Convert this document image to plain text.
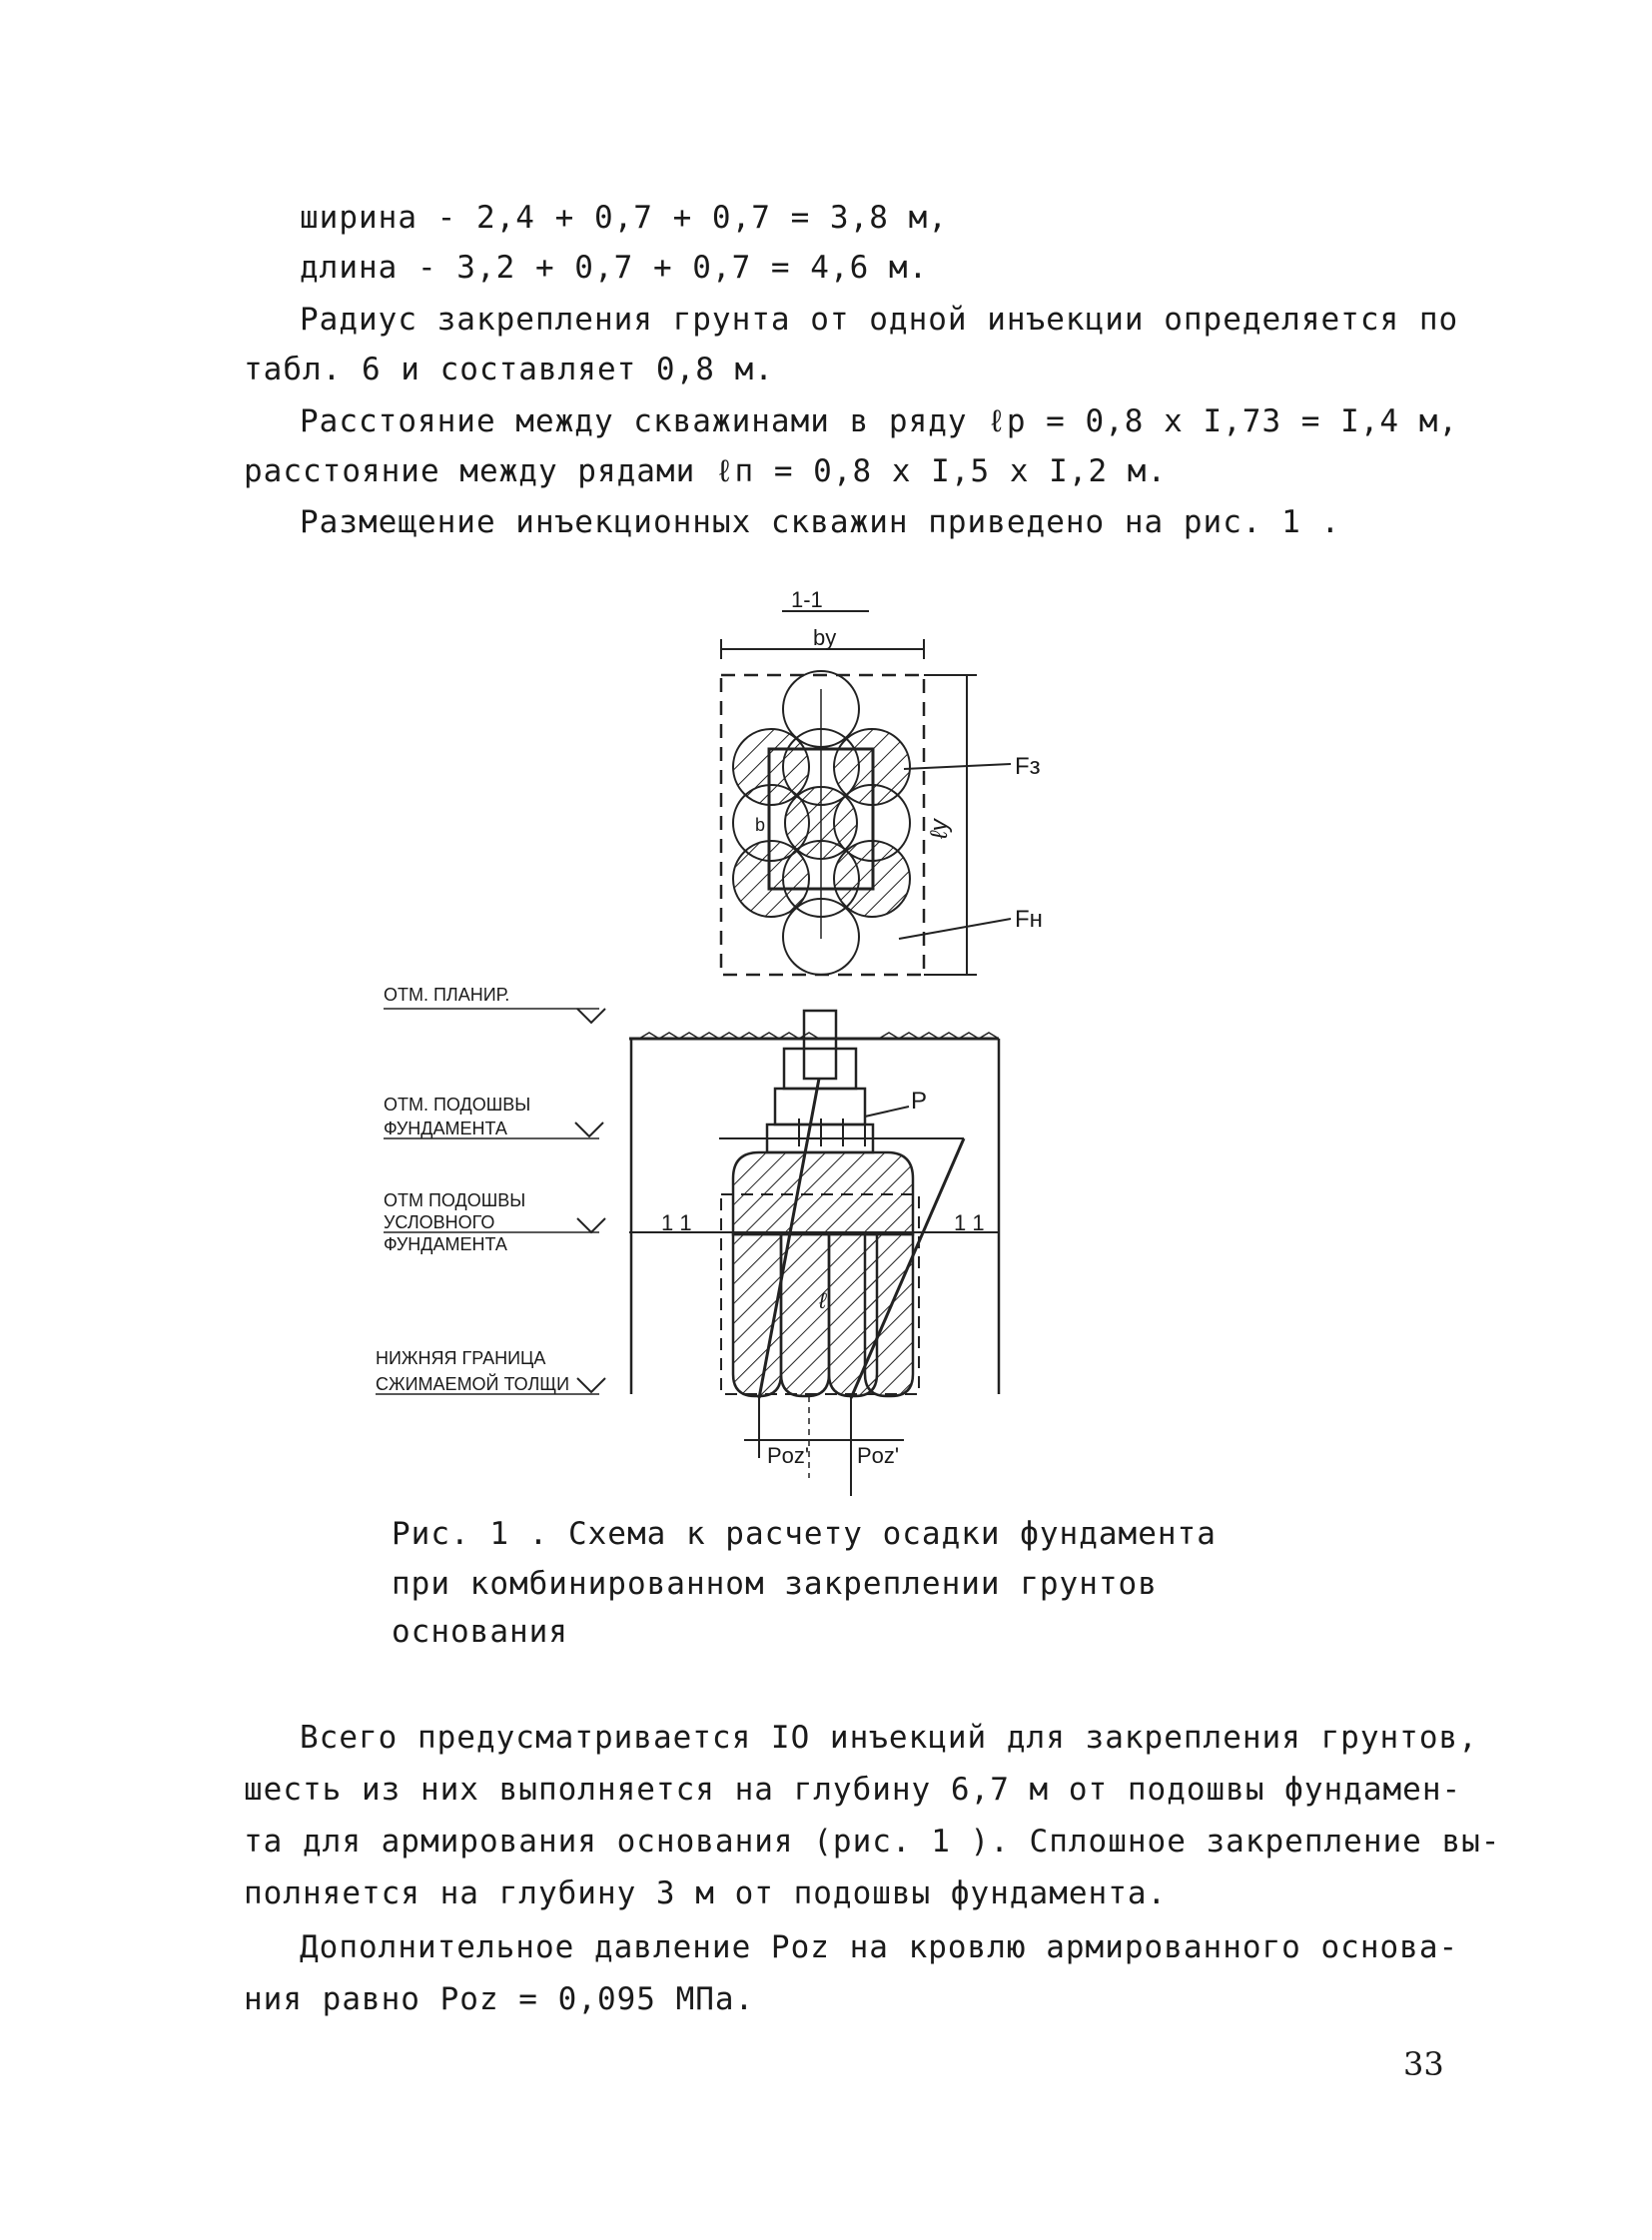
ширина - 2,4 + 0,7 + 0,7 = 3,8 м,
длина - 3,2 + 0,7 + 0,7 = 4,6 м.
Радиус закрепления грунта от одной инъекции определяется по
табл. 6 и составляет 0,8 м.
Расстояние между скважинами в ряду ℓр = 0,8 x I,73 = I,4 м,
расстояние между рядами ℓп = 0,8 x I,5 x I,2 м.
Размещение инъекционных скважин приведено на рис. 1 .
1-1
bу
ℓу
Fз
Fн
b
1 1	1 1
P
ℓ
Poz' Poz'
ОТМ. ПЛАНИР.
ОТМ. ПОДОШВЫ
ФУНДАМЕНТА
ОТМ ПОДОШВЫ
УСЛОВНОГО
ФУНДАМЕНТА
НИЖНЯЯ ГРАНИЦА
СЖИМАЕМОЙ ТОЛЩИ
Рис. 1 . Схема к расчету осадки фундамента
при комбинированном закреплении грунтов
основания
Всего предусматривается IO инъекций для закрепления грунтов,
шесть из них выполняется на глубину 6,7 м от подошвы фундамен-
та для армирования основания (рис. 1 ). Сплошное закрепление вы-
полняется на глубину 3 м от подошвы фундамента.
Дополнительное давление Poz на кровлю армированного основа-
ния равно Poz = 0,095 МПа.
33
